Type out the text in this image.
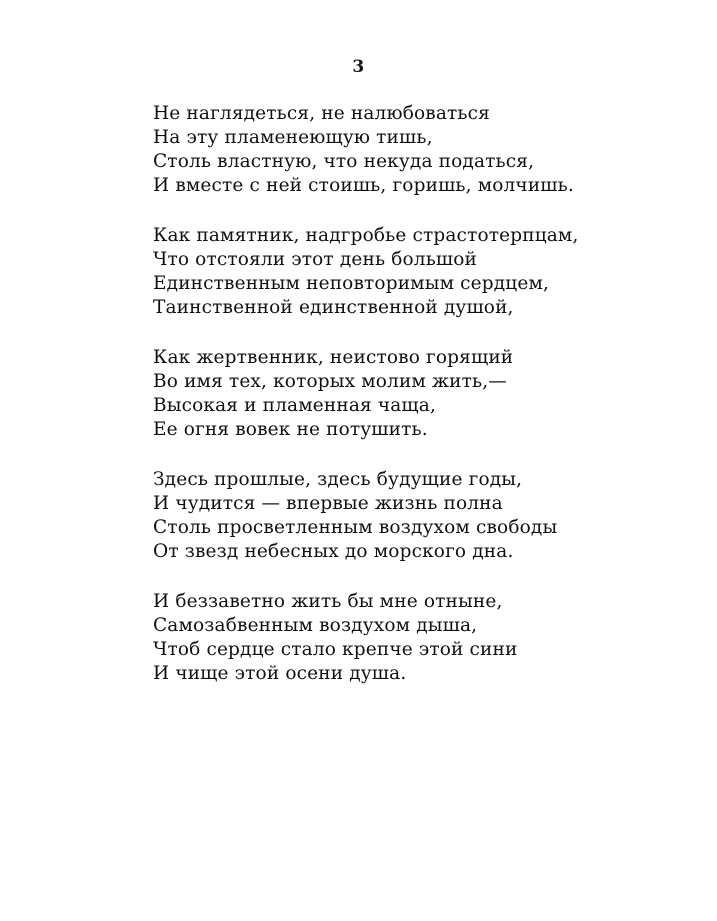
3
Не наглядеться, не налюбоваться
На эту пламенеющую тишь,
Столь властную, что некуда податься,
И вместе с ней стоишь, горишь, молчишь.
Как памятник, надгробье страстотерпцам,
Что отстояли этот день большой
Единственным неповторимым сердцем,
Таинственной единственной душой,
Как жертвенник, неистово горящий
Во имя тех, которых молим жить,—
Высокая и пламенная чаща,
Ее огня вовек не потушить.
Здесь прошлые, здесь будущие годы,
И чудится — впервые жизнь полна
Столь просветленным воздухом свободы
От звезд небесных до морского дна.
И беззаветно жить бы мне отныне,
Самозабвенным воздухом дыша,
Чтоб сердце стало крепче этой сини
И чище этой осени душа.
